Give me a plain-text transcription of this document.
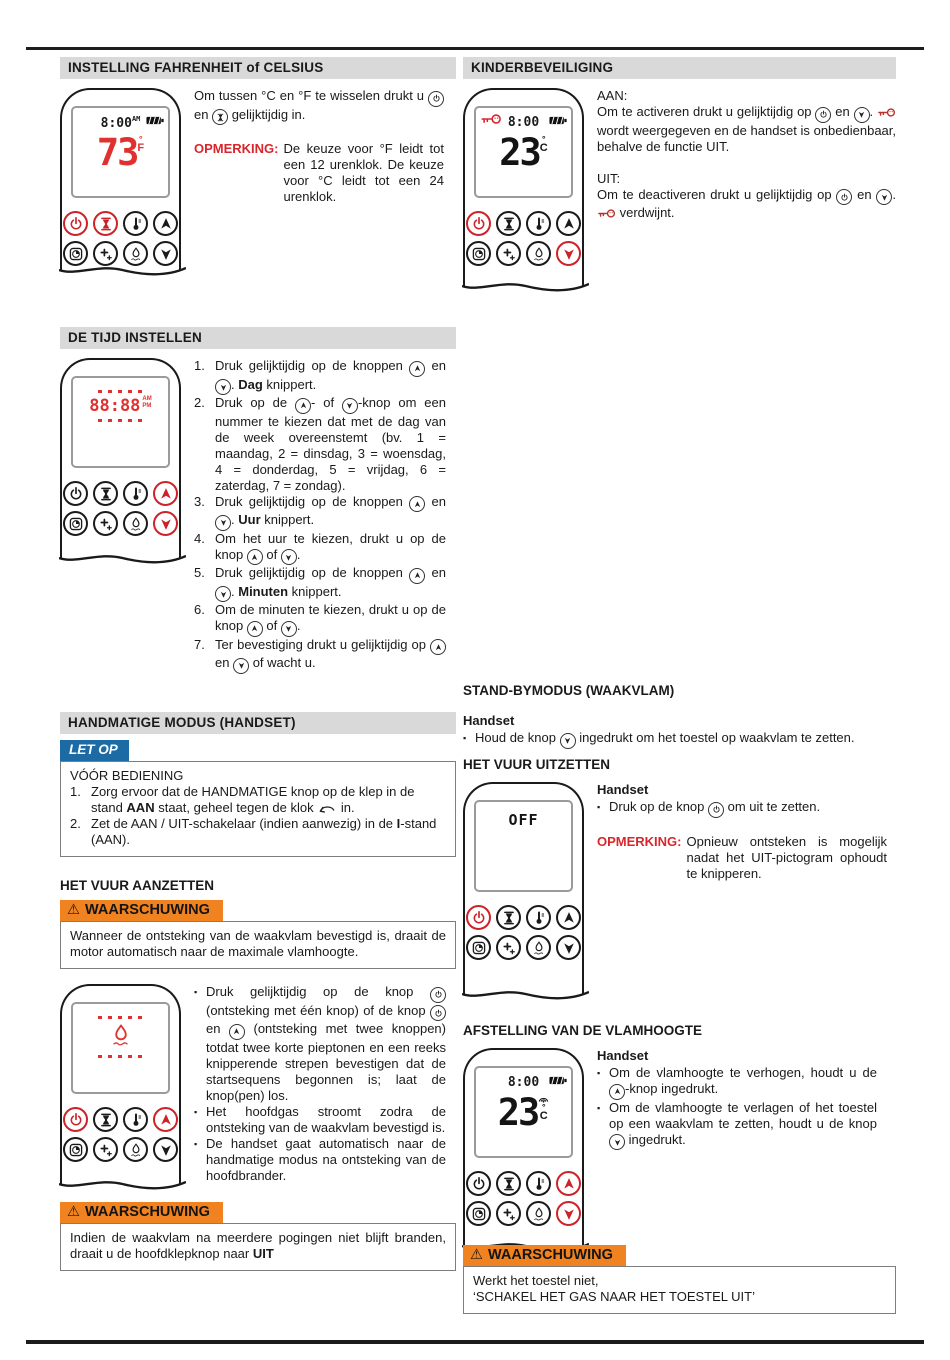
INSTELLING FAHRENHEIT of CELSIUS
$8:00^{AM}$
73 °
F

Om tussen °C en °F te wisselen drukt u
en
gelijktijdig in.

OPMERKING: De keuze voor °F leidt tot een 12 urenklok. De keuze voor °C leidt tot een 24 urenklok.
KINDERBEVEILIGING
8:00
23 °
C
AAN:
Om te activeren drukt u gelijktijdig op
en
.
wordt weergegeven en de handset is onbedienbaar, behalve de functie UIT.
UIT:
Om te deactiveren drukt u gelijktijdig op
en
.
verdwijnt.
DE TIJD INSTELLEN
88:88 AM
PM
Druk gelijktijdig op de knoppen
en
. Dag knippert.
Druk op de
- of
-knop om een nummer te kiezen dat met de dag van de week overeenstemt (bv. 1 = maandag, 2 = dinsdag, 3 = woensdag, 4 = donderdag, 5 = vrijdag, 6 = zaterdag, 7 = zondag).
Druk gelijktijdig op de knoppen
en
. Uur knippert.
Om het uur te kiezen, drukt u op de knop
of
.
Druk gelijktijdig op de knoppen
en
. Minuten knippert.
Om de minuten te kiezen, drukt u op de knop
of
.
Ter bevestiging drukt u gelijktijdig op
en
of wacht u.
STAND-BYMODUS (WAAKVLAM)
Handset
▪
Houd de knop
ingedrukt om het toestel op waakvlam te zetten.
HANDMATIGE MODUS (HANDSET)
LET OP
VÓÓR BEDIENING
Zorg ervoor dat de HANDMATIGE knop op de klep in de stand AAN staat, geheel tegen de klok
in.
Zet de AAN / UIT-schakelaar (indien aanwezig) in de I-stand (AAN).
HET VUUR AANZETTEN
⚠ WAARSCHUWING
Wanneer de ontsteking van de waakvlam bevestigd is, draait de motor automatisch naar de maximale vlamhoogte.
▪
Druk gelijktijdig op de knop
(ontsteking met één knop) of de knop
en
(ontsteking met twee knoppen) totdat twee korte pieptonen en een reeks knipperende strepen bevestigen dat de startsequens begonnen is; laat de knop(pen) los.
▪
Het hoofdgas stroomt zodra de ontsteking van de waakvlam bevestigd is.
▪
De handset gaat automatisch naar de handmatige modus na ontsteking van de hoofdbrander.
⚠ WAARSCHUWING
Indien de waakvlam na meerdere pogingen niet blijft branden, draait u de hoofdklepknop naar UIT
HET VUUR UITZETTEN
OFF
Handset
▪
Druk op de knop
om uit te zetten.
OPMERKING: Opnieuw ontsteken is mogelijk nadat het UIT-pictogram ophoudt te knipperen.
AFSTELLING VAN DE VLAMHOOGTE
8:00
23 °
C
Handset
▪
Om de vlamhoogte te verhogen, houdt u de
-knop ingedrukt.
▪
Om de vlamhoogte te verlagen of het toestel op een waakvlam te zetten, houdt u de knop
ingedrukt.
⚠ WAARSCHUWING
Werkt het toestel niet,
‘SCHAKEL HET GAS NAAR HET TOESTEL UIT’
